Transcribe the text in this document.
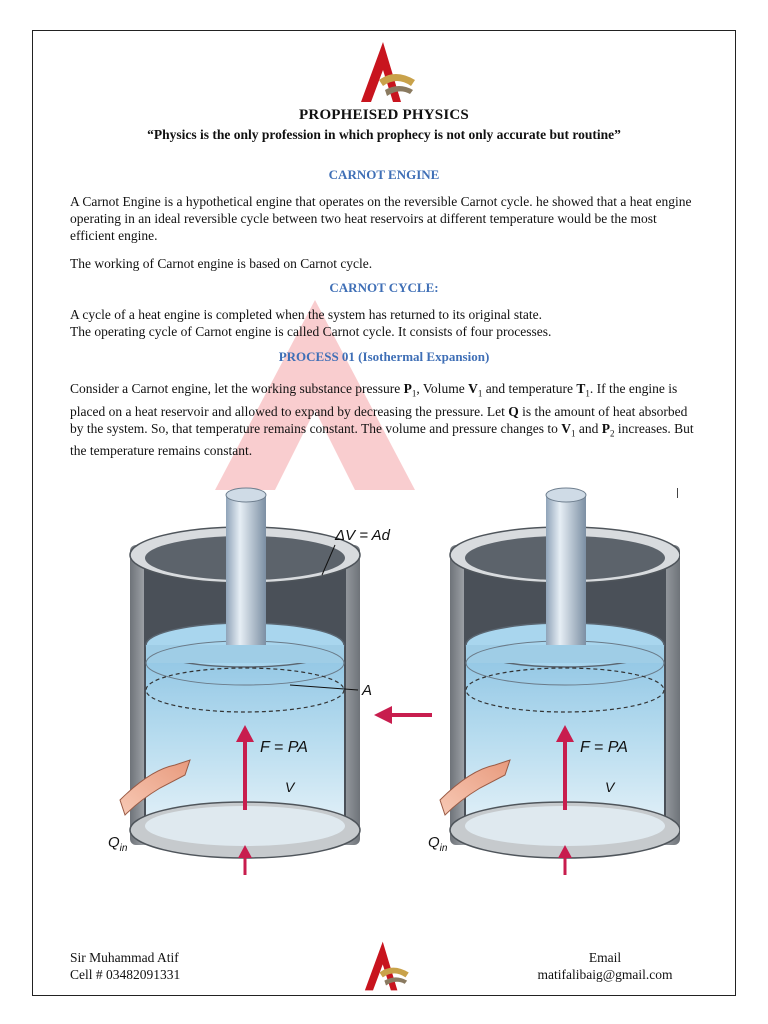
PROPHEISED PHYSICS
“Physics is the only profession in which prophecy is not only accurate but routine”
CARNOT ENGINE

A Carnot Engine is a hypothetical engine that operates on the reversible Carnot cycle. he showed that a heat engine operating in an ideal reversible cycle between two heat reservoirs at different temperature would be the most efficient engine.

The working of Carnot engine is based on Carnot cycle.

CARNOT CYCLE:

A cycle of a heat engine is completed when the system has returned to its original state.

The operating cycle of Carnot engine is called Carnot cycle. It consists of four processes.

PROCESS 01 (Isothermal Expansion)

Consider a Carnot engine, let the working substance pressure $P_1$, Volume $V_1$ and temperature $T_1$. If the engine is placed on a heat reservoir and allowed to expand by decreasing the pressure. Let Q is the amount of heat absorbed by the system. So, that temperature remains constant. The volume and pressure changes to $V_1$ and $P_2$ increases. But the temperature remains constant.

ΔV = Ad
A
F = PA
V
$Q_{in}$
F = PA
V
$Q_{in}$
Sir Muhammad Atif
Cell # 03482091331
Email
matifalibaig@gmail.com
